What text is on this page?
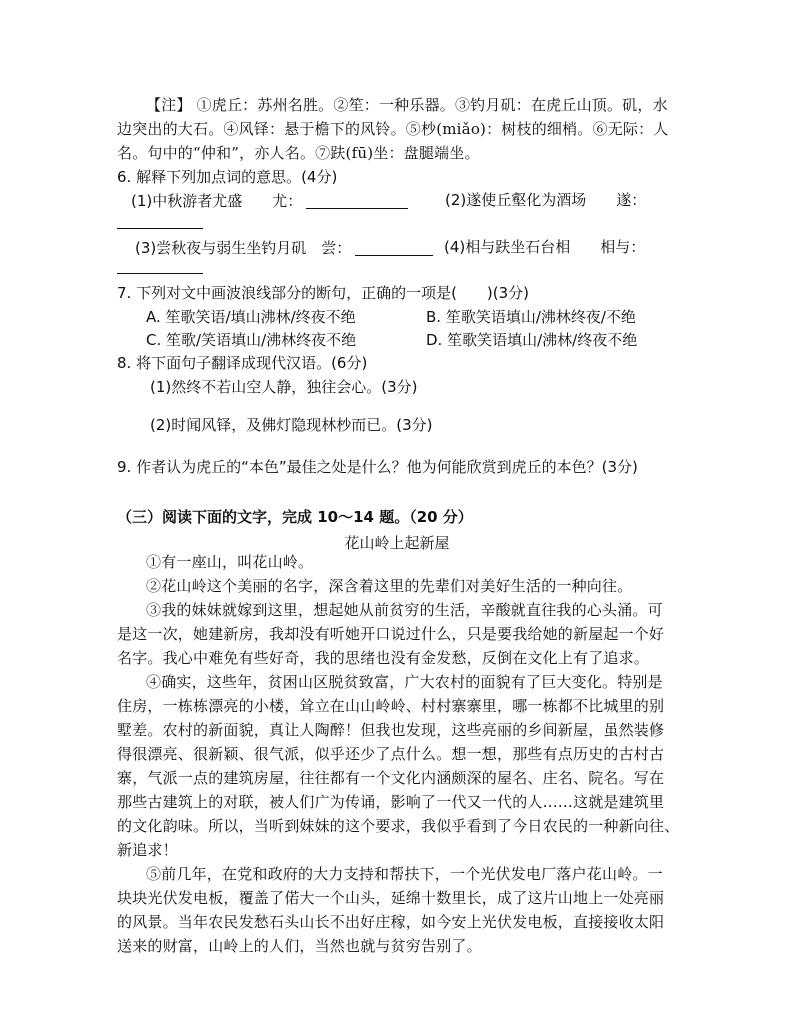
【注】 ①虎丘：苏州名胜。②笙：一种乐器。③钓月矶：在虎丘山顶。矶，水
边突出的大石。④风铎：悬于檐下的风铃。⑤杪(miǎo)：树枝的细梢。⑥无际：人
名。句中的“仲和”，亦人名。⑦趺(fū)坐：盘腿端坐。
6. 解释下列加点词的意思。(4分)
(1)中秋游者尤盛　　尤：	(2)遂使丘壑化为酒场　　遂：
(3)尝秋夜与弱生坐钓月矶　尝：	(4)相与趺坐石台相　　相与：
7. 下列对文中画波浪线部分的断句，正确的一项是(　　)(3分)
A. 笙歌笑语/填山沸林/终夜不绝	B. 笙歌笑语填山/沸林终夜/不绝
C. 笙歌/笑语填山/沸林终夜不绝	D. 笙歌笑语填山/沸林/终夜不绝
8. 将下面句子翻译成现代汉语。(6分)
(1)然终不若山空人静，独往会心。(3分)
(2)时闻风铎，及佛灯隐现林杪而已。(3分)
9. 作者认为虎丘的“本色”最佳之处是什么？他为何能欣赏到虎丘的本色？(3分)
（三）阅读下面的文字，完成 10～14 题。（20 分）
花山岭上起新屋
①有一座山，叫花山岭。
②花山岭这个美丽的名字，深含着这里的先辈们对美好生活的一种向往。
③我的妹妹就嫁到这里，想起她从前贫穷的生活，辛酸就直往我的心头涌。可
是这一次，她建新房，我却没有听她开口说过什么，只是要我给她的新屋起一个好
名字。我心中难免有些好奇，我的思绪也没有金发愁，反倒在文化上有了追求。
④确实，这些年，贫困山区脱贫致富，广大农村的面貌有了巨大变化。特别是
住房，一栋栋漂亮的小楼，耸立在山山岭岭、村村寨寨里，哪一栋都不比城里的别
墅差。农村的新面貌，真让人陶醉！但我也发现，这些亮丽的乡间新屋，虽然装修
得很漂亮、很新颖、很气派，似乎还少了点什么。想一想，那些有点历史的古村古
寨，气派一点的建筑房屋，往往都有一个文化内涵颇深的屋名、庄名、院名。写在
那些古建筑上的对联，被人们广为传诵，影响了一代又一代的人……这就是建筑里
的文化韵味。所以，当听到妹妹的这个要求，我似乎看到了今日农民的一种新向往、
新追求！
⑤前几年，在党和政府的大力支持和帮扶下，一个光伏发电厂落户花山岭。一
块块光伏发电板，覆盖了偌大一个山头，延绵十数里长，成了这片山地上一处亮丽
的风景。当年农民发愁石头山长不出好庄稼，如今安上光伏发电板，直接接收太阳
送来的财富，山岭上的人们，当然也就与贫穷告别了。
